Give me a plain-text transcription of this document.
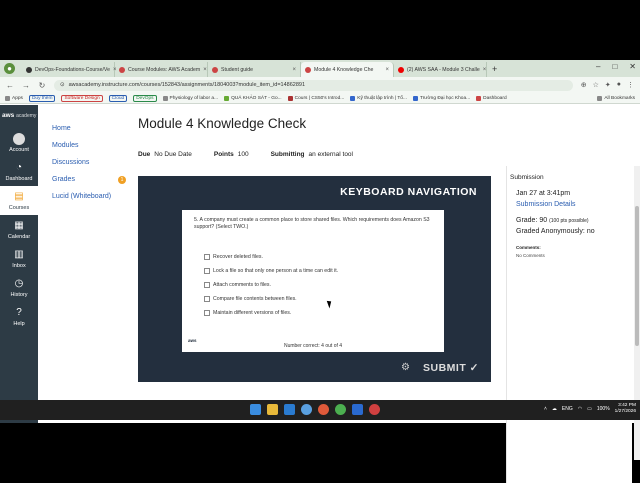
●	DevOps-Foundations-Course/Ve × Course Modules: AWS Academ ×	Student guide	×	Module 4 Knowledge Che ×	(2) AWS SAA - Module 3 Challe × +	– □ ✕
← → ↻	⊙ awsacademy.instructure.com/courses/152843/assignments/1804003?module_item_id=14862891	⊕ ☆ ✦ ● ⋮
Apps	Duy thêm	Software Design	Cloud	DevOps	Physiology of labor a...	QUÁ KHẢO SÁT - Go...	Cours | CS50's Introd...	Kỹ thuật lập trình | Tổ...	Trường Đại học Khoa...	Dashboard	All Bookmarks
aws academy
Account
◔
Dashboard
▤
Courses
▦
Calendar
▥
Inbox
◷
History
?
Help
Home
Modules
Discussions
Grades	1
Lucid (Whiteboard)
Module 4 Knowledge Check
Due No Due Date	Points 100	Submitting an external tool
KEYBOARD NAVIGATION
5. A company must create a common place to store shared files. Which requirements does Amazon S3 support? (Select TWO.)
Recover deleted files.
Lock a file so that only one person at a time can edit it.
Attach comments to files.
Compare file contents between files.
Maintain different versions of files.
aws
Number correct: 4 out of 4
⚙ SUBMIT ✓
Submission
Jan 27 at 3:41pm
Submission Details
Grade: 90 (100 pts possible)
Graded Anonymously: no
Comments:
No Comments
˄ ☁ ENG ◠ ▭ 100%
3:42 PM
1/27/2026
